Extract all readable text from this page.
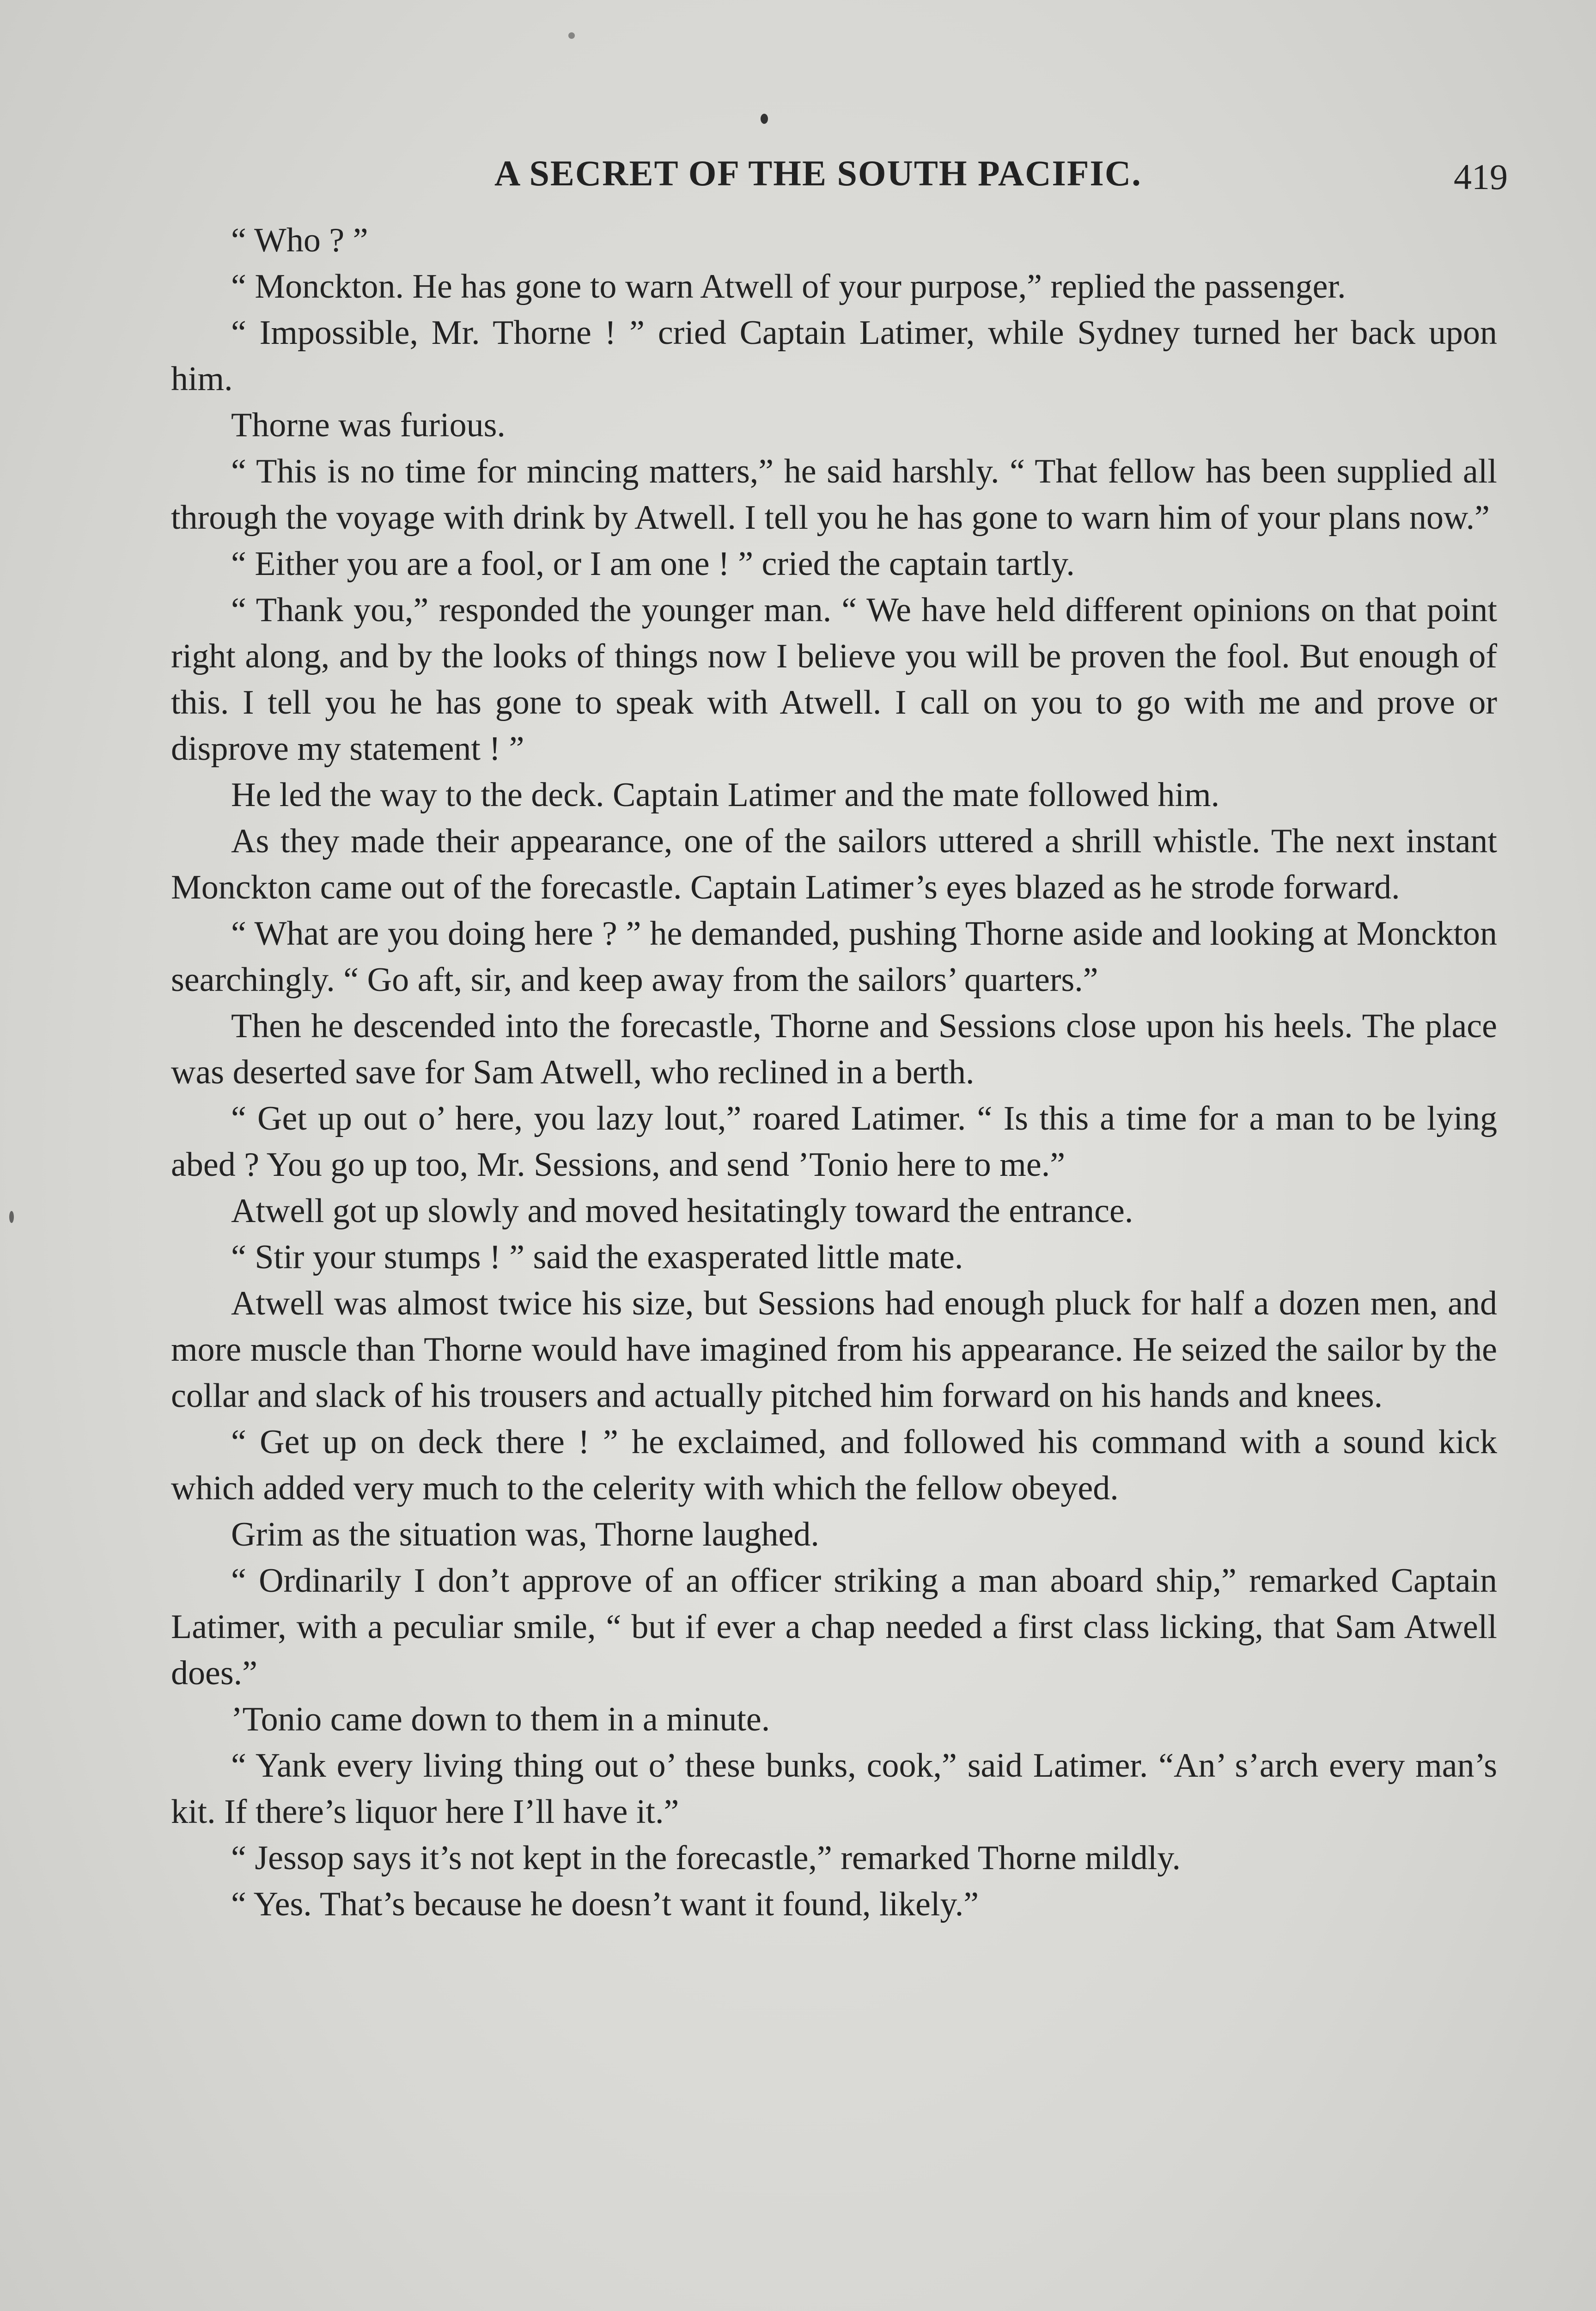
A SECRET OF THE SOUTH PACIFIC.	419

“ Who ? ”

“ Monckton. He has gone to warn Atwell of your purpose,” replied the passenger.

“ Impossible, Mr. Thorne ! ” cried Captain Latimer, while Sydney turned her back upon him.

Thorne was furious.

“ This is no time for mincing matters,” he said harshly. “ That fellow has been supplied all through the voyage with drink by Atwell. I tell you he has gone to warn him of your plans now.”

“ Either you are a fool, or I am one ! ” cried the captain tartly.

“ Thank you,” responded the younger man. “ We have held different opinions on that point right along, and by the looks of things now I believe you will be proven the fool. But enough of this. I tell you he has gone to speak with Atwell. I call on you to go with me and prove or disprove my statement ! ”

He led the way to the deck. Captain Latimer and the mate followed him.

As they made their appearance, one of the sailors uttered a shrill whistle. The next instant Monckton came out of the forecastle. Captain Latimer’s eyes blazed as he strode forward.

“ What are you doing here ? ” he demanded, pushing Thorne aside and looking at Monckton searchingly. “ Go aft, sir, and keep away from the sailors’ quarters.”

Then he descended into the forecastle, Thorne and Sessions close upon his heels. The place was deserted save for Sam Atwell, who reclined in a berth.

“ Get up out o’ here, you lazy lout,” roared Latimer. “ Is this a time for a man to be lying abed ? You go up too, Mr. Sessions, and send ’Tonio here to me.”

Atwell got up slowly and moved hesitatingly toward the entrance.

“ Stir your stumps ! ” said the exasperated little mate.

Atwell was almost twice his size, but Sessions had enough pluck for half a dozen men, and more muscle than Thorne would have imagined from his appearance. He seized the sailor by the collar and slack of his trousers and actually pitched him forward on his hands and knees.

“ Get up on deck there ! ” he exclaimed, and followed his command with a sound kick which added very much to the celerity with which the fellow obeyed.

Grim as the situation was, Thorne laughed.

“ Ordinarily I don’t approve of an officer striking a man aboard ship,” remarked Captain Latimer, with a peculiar smile, “ but if ever a chap needed a first class licking, that Sam Atwell does.”

’Tonio came down to them in a minute.

“ Yank every living thing out o’ these bunks, cook,” said Latimer. “An’ s’arch every man’s kit. If there’s liquor here I’ll have it.”

“ Jessop says it’s not kept in the forecastle,” remarked Thorne mildly.

“ Yes. That’s because he doesn’t want it found, likely.”
